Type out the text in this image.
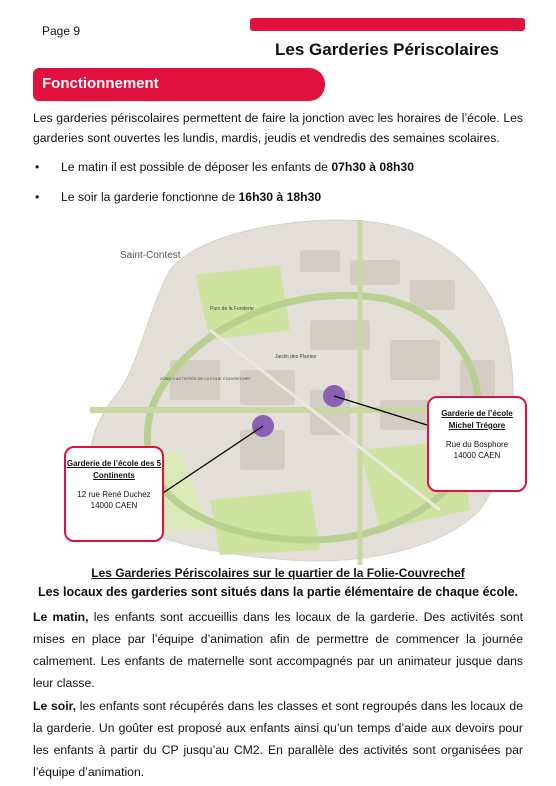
Page 9
Les Garderies Périscolaires
Fonctionnement
Les garderies périscolaires permettent de faire la jonction avec les horaires de l’école. Les garderies sont ouvertes les lundis, mardis, jeudis et vendredis des semaines scolaires.
• Le matin il est possible de déposer les enfants de 07h30 à 08h30
• Le soir la garderie fonctionne de 16h30 à 18h30
Saint-Contest
Parc de la Fonderie
ZONE D'ACTIVITÉS DE LA FOLIE COUVRECHEF
Jardin des Plantes
Garderie de l’école des 5 Continents
12 rue René Duchez
14000 CAEN
Garderie de l’école Michel Trégore
Rue du Bosphore
14000 CAEN
Les Garderies Périscolaires sur le quartier de la Folie-Couvrechef
Les locaux des garderies sont situés dans la partie élémentaire de chaque école.
Le matin, les enfants sont accueillis dans les locaux de la garderie. Des activités sont mises en place par l’équipe d’animation afin de permettre de commencer la journée calmement. Les enfants de maternelle sont accompagnés par un animateur jusque dans leur classe.
Le soir, les enfants sont récupérés dans les classes et sont regroupés dans les locaux de la garderie. Un goûter est proposé aux enfants ainsi qu’un temps d’aide aux devoirs pour les enfants à partir du CP jusqu’au CM2. En parallèle des activités sont organisées par l’équipe d’animation.
